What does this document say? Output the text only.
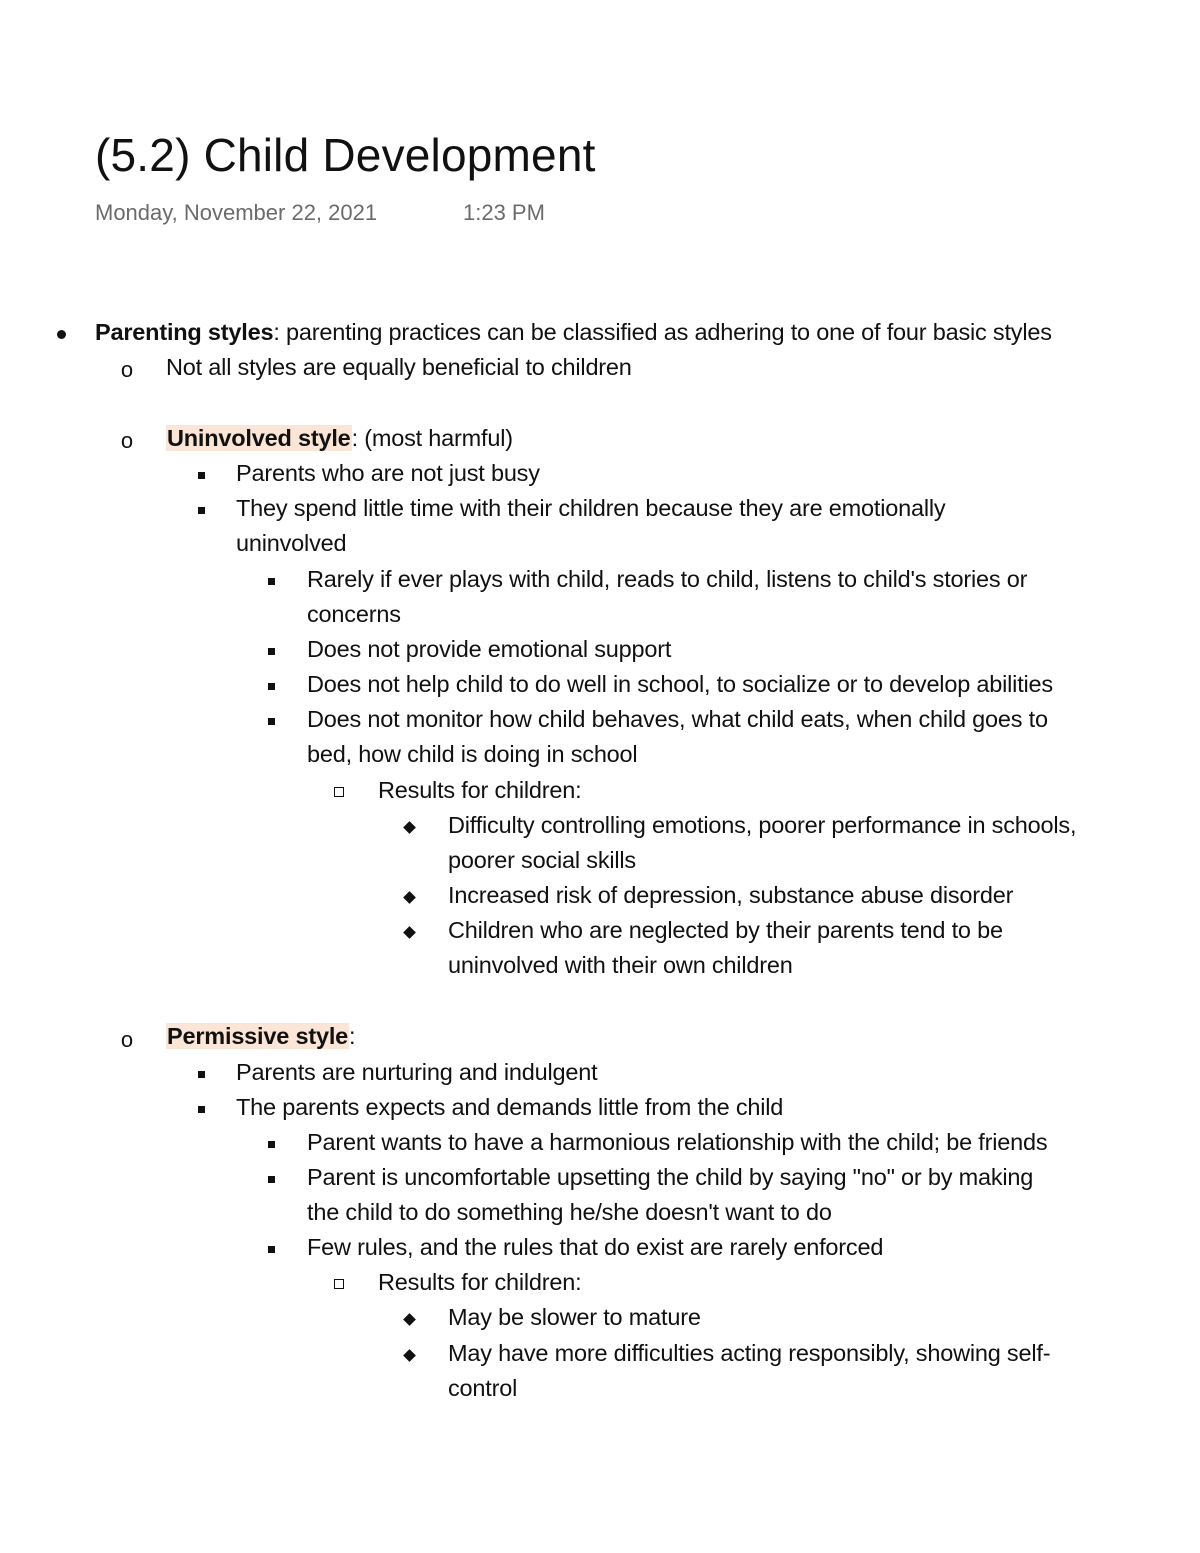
(5.2) Child Development
Monday, November 22, 2021	1:23 PM
Parenting styles: parenting practices can be classified as adhering to one of four basic styles
o Not all styles are equally beneficial to children
o Uninvolved style: (most harmful)
Parents who are not just busy
They spend little time with their children because they are emotionally
uninvolved
Rarely if ever plays with child, reads to child, listens to child's stories or
concerns
Does not provide emotional support
Does not help child to do well in school, to socialize or to develop abilities
Does not monitor how child behaves, what child eats, when child goes to
bed, how child is doing in school
Results for children:
Difficulty controlling emotions, poorer performance in schools,
poorer social skills
Increased risk of depression, substance abuse disorder
Children who are neglected by their parents tend to be
uninvolved with their own children
o Permissive style:
Parents are nurturing and indulgent
The parents expects and demands little from the child
Parent wants to have a harmonious relationship with the child; be friends
Parent is uncomfortable upsetting the child by saying "no" or by making
the child to do something he/she doesn't want to do
Few rules, and the rules that do exist are rarely enforced
Results for children:
May be slower to mature
May have more difficulties acting responsibly, showing self-
control
